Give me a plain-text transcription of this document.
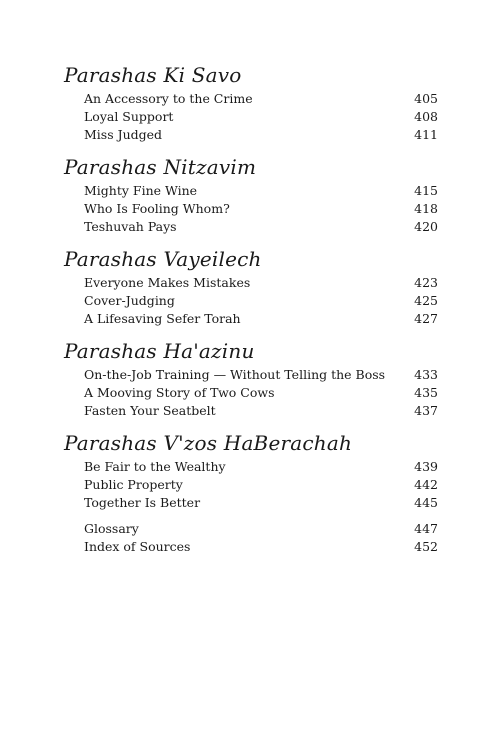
Parashas Ki Savo
An Accessory to the Crime	405
Loyal Support	408
Miss Judged	411
Parashas Nitzavim
Mighty Fine Wine	415
Who Is Fooling Whom?	418
Teshuvah Pays	420
Parashas Vayeilech
Everyone Makes Mistakes	423
Cover-Judging	425
A Lifesaving Sefer Torah	427
Parashas Ha'azinu
On-the-Job Training — Without Telling the Boss	433
A Mooving Story of Two Cows	435
Fasten Your Seatbelt	437
Parashas V'zos HaBerachah
Be Fair to the Wealthy	439
Public Property	442
Together Is Better	445
Glossary	447
Index of Sources	452
